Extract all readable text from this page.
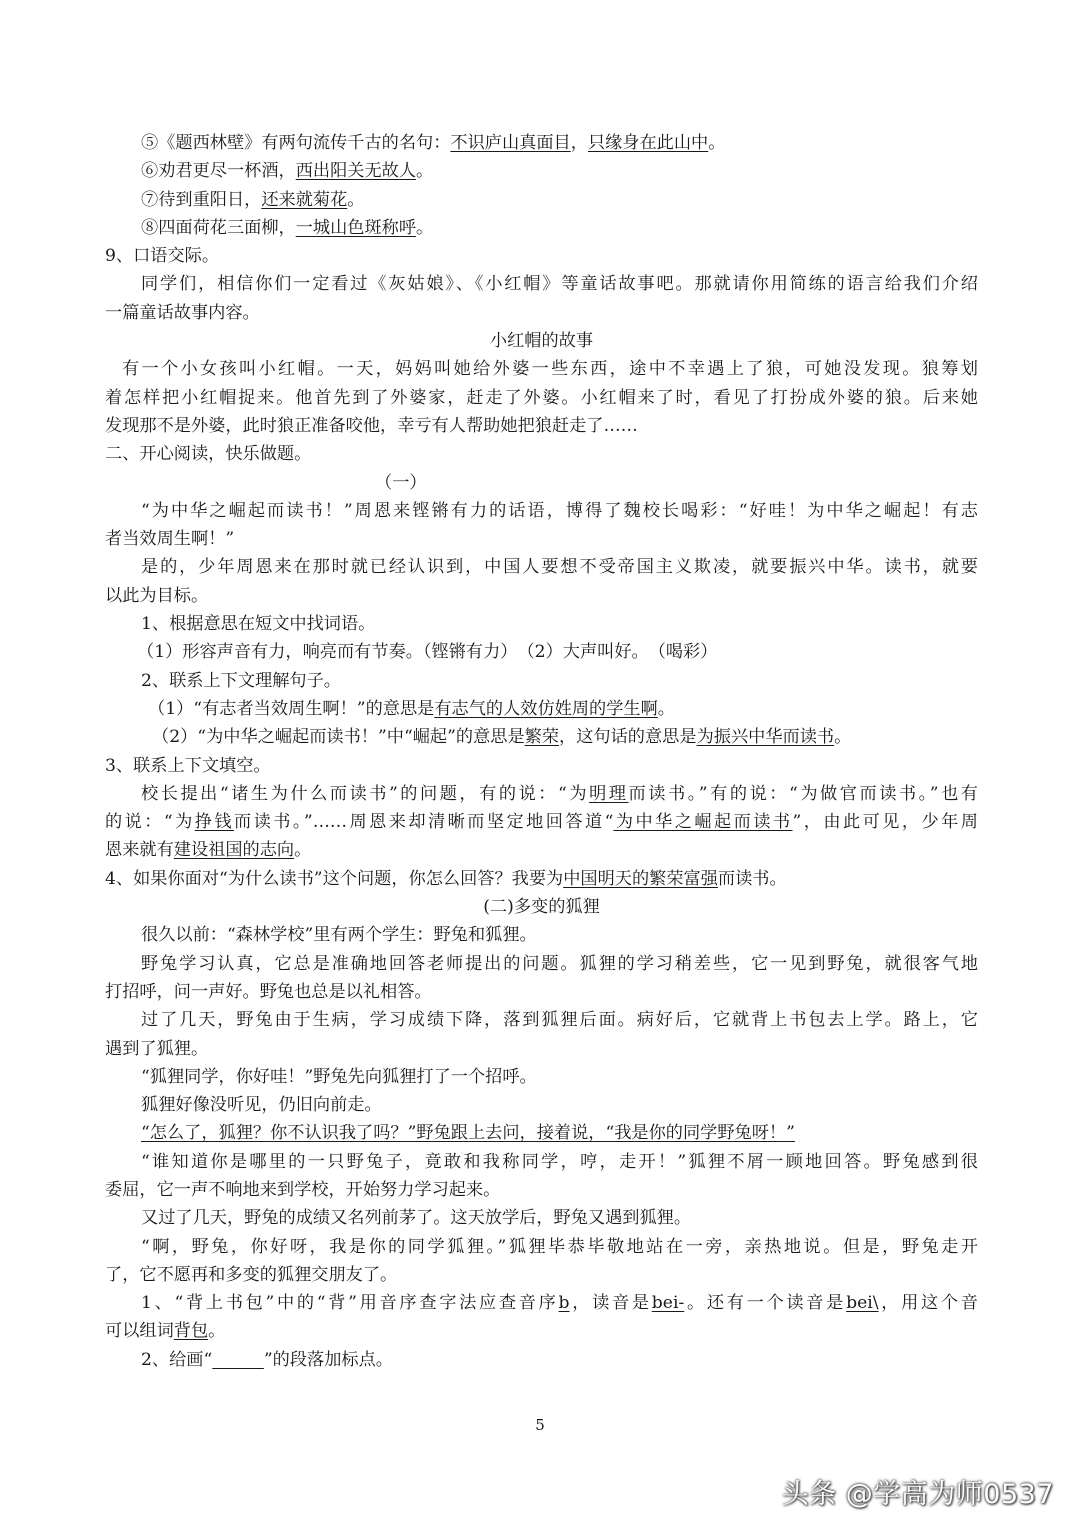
⑤《题西林壁》有两句流传千古的名句：不识庐山真面目，只缘身在此山中。
⑥劝君更尽一杯酒，西出阳关无故人。
⑦待到重阳日，还来就菊花。
⑧四面荷花三面柳，一城山色斑称呼。
9、口语交际。
同学们，相信你们一定看过《灰姑娘》、《小红帽》等童话故事吧。那就请你用简练的语言给我们介绍
一篇童话故事内容。
小红帽的故事
有一个小女孩叫小红帽。一天，妈妈叫她给外婆一些东西，途中不幸遇上了狼，可她没发现。狼筹划
着怎样把小红帽捉来。他首先到了外婆家，赶走了外婆。小红帽来了时，看见了打扮成外婆的狼。后来她
发现那不是外婆，此时狼正准备咬他，幸亏有人帮助她把狼赶走了……
二、开心阅读，快乐做题。
（一）
“为中华之崛起而读书！”周恩来铿锵有力的话语，博得了魏校长喝彩：“好哇！为中华之崛起！有志
者当效周生啊！”
是的，少年周恩来在那时就已经认识到，中国人要想不受帝国主义欺凌，就要振兴中华。读书，就要
以此为目标。
1、根据意思在短文中找词语。
（1）形容声音有力，响亮而有节奏。（铿锵有力）　（2）大声叫好。　（喝彩）
2、联系上下文理解句子。
（1）“有志者当效周生啊！”的意思是有志气的人效仿姓周的学生啊。
（2）“为中华之崛起而读书！”中“崛起”的意思是繁荣，这句话的意思是为振兴中华而读书。
3、联系上下文填空。
校长提出“诸生为什么而读书”的问题，有的说：“为明理而读书。”有的说：“为做官而读书。”也有
的说：“为挣钱而读书。”……周恩来却清晰而坚定地回答道“为中华之崛起而读书”，由此可见，少年周
恩来就有建设祖国的志向。
4、如果你面对“为什么读书”这个问题，你怎么回答？我要为中国明天的繁荣富强而读书。
(二)多变的狐狸
很久以前：“森林学校”里有两个学生：野兔和狐狸。
野兔学习认真，它总是准确地回答老师提出的问题。狐狸的学习稍差些，它一见到野兔，就很客气地
打招呼，问一声好。野兔也总是以礼相答。
过了几天，野兔由于生病，学习成绩下降，落到狐狸后面。病好后，它就背上书包去上学。路上，它
遇到了狐狸。
“狐狸同学，你好哇！”野兔先向狐狸打了一个招呼。
狐狸好像没听见，仍旧向前走。
“怎么了，狐狸？你不认识我了吗？”野兔跟上去问，接着说，“我是你的同学野兔呀！”
“谁知道你是哪里的一只野兔子，竟敢和我称同学，哼，走开！”狐狸不屑一顾地回答。野兔感到很
委屈，它一声不响地来到学校，开始努力学习起来。
又过了几天，野兔的成绩又名列前茅了。这天放学后，野兔又遇到狐狸。
“啊，野兔，你好呀，我是你的同学狐狸。”狐狸毕恭毕敬地站在一旁，亲热地说。但是，野兔走开
了，它不愿再和多变的狐狸交朋友了。
1、“背上书包”中的“背”用音序查字法应查音序b，读音是bei-。还有一个读音是bei\，用这个音
可以组词背包。
2、给画“　　　	”的段落加标点。
5
头条 @学高为师0537
